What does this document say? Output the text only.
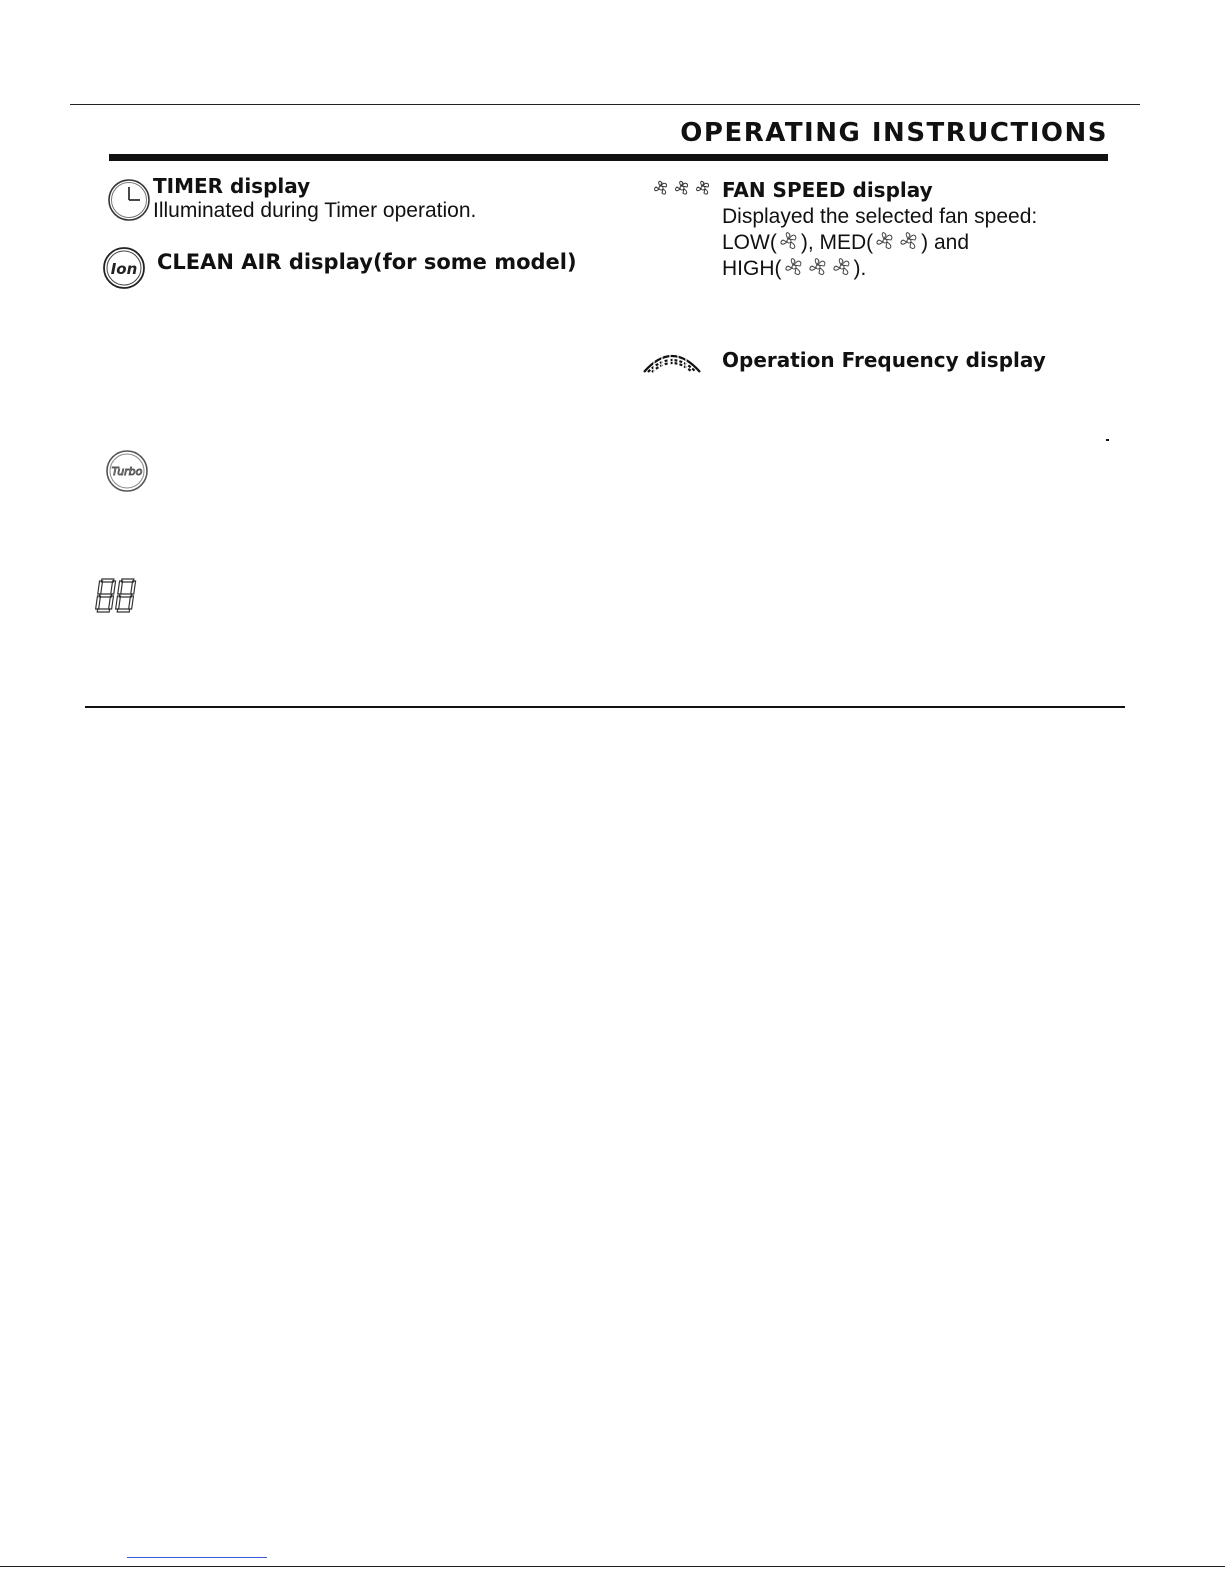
OPERATING INSTRUCTIONS
TIMER display
Illuminated during Timer operation.
Ion CLEAN AIR display(for some model)
FAN SPEED display
Displayed the selected fan speed:
LOW( ), MED( ) and
HIGH(	).
Operation Frequency display
Turbo
